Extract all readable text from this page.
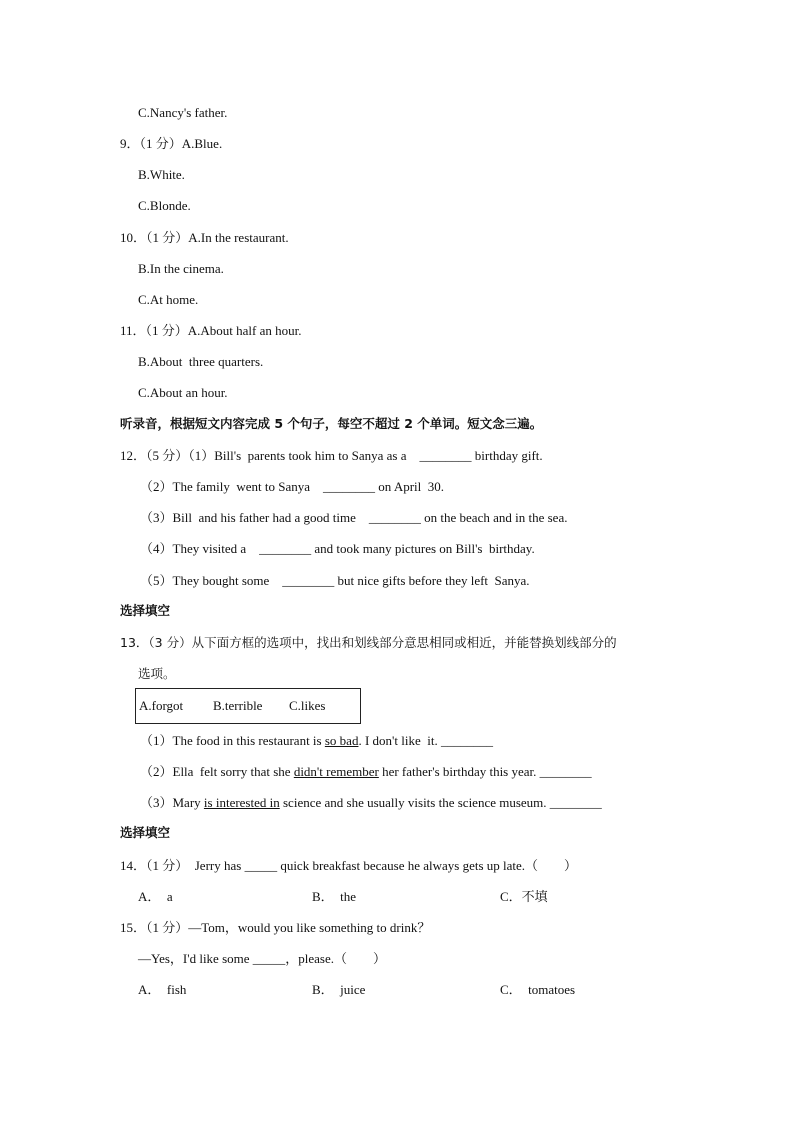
C.Nancy's father.
9．（1 分）A.Blue.
B.White.
C.Blonde.
10．（1 分）A.In the restaurant.
B.In the cinema.
C.At home.
11．（1 分）A.About half an hour.
B.About  three quarters.
C.About an hour.
听录音，根据短文内容完成 5 个句子，每空不超过 2 个单词。短文念三遍。
12．（5 分）（1）Bill's  parents took him to Sanya as a    ________ birthday gift.
（2）The family  went to Sanya    ________ on April  30.
（3）Bill  and his father had a good time    ________ on the beach and in the sea.
（4）They visited a    ________ and took many pictures on Bill's  birthday.
（5）They bought some    ________ but nice gifts before they left  Sanya.
选择填空
13．（3 分）从下面方框的选项中，找出和划线部分意思相同或相近，并能替换划线部分的
选项。
A.forgot B.terrible C.likes
（1）The food in this restaurant is so bad. I don't like  it. ________
（2）Ella  felt sorry that she didn't remember her father's birthday this year. ________
（3）Mary is interested in science and she usually visits the science museum. ________
选择填空
14．（1 分）  Jerry has _____ quick breakfast because he always gets up late.（        ）
A．  a	B．  the	C．不填
15．（1 分）—Tom，would you like something to drink？
—Yes，I'd like some _____，please.（        ）
A．  fish	B．  juice	C．  tomatoes
